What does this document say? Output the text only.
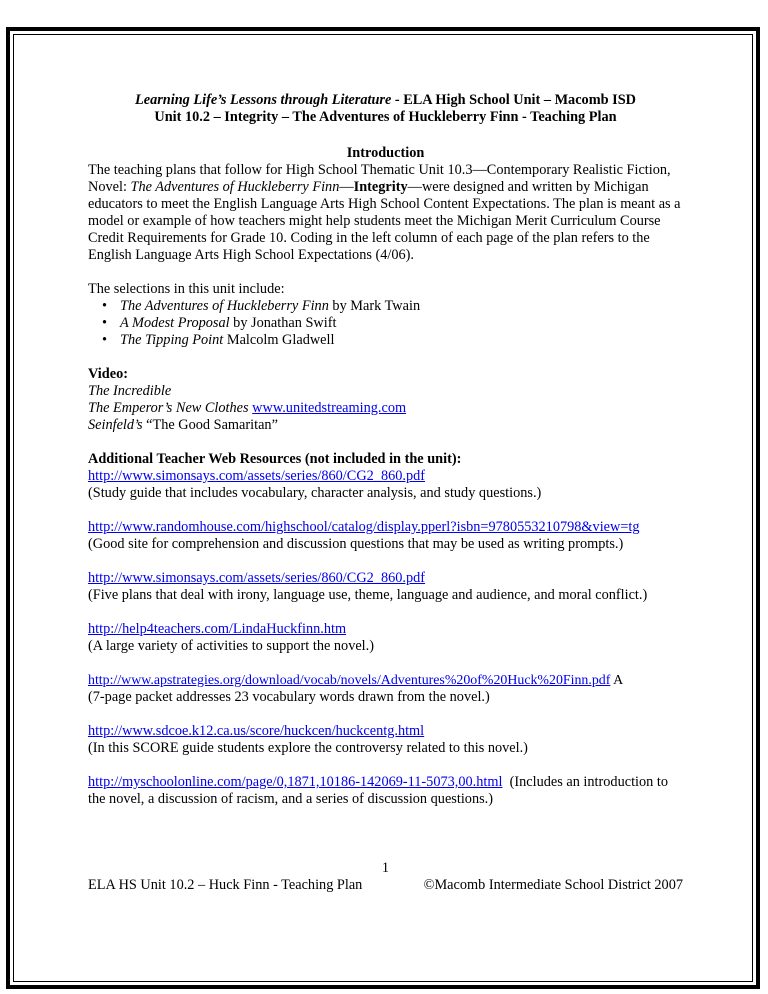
Learning Life’s Lessons through Literature - ELA High School Unit – Macomb ISD
Unit 10.2 – Integrity – The Adventures of Huckleberry Finn - Teaching Plan
Introduction

The teaching plans that follow for High School Thematic Unit 10.3—Contemporary Realistic Fiction, Novel: The Adventures of Huckleberry Finn—Integrity—were designed and written by Michigan educators to meet the English Language Arts High School Content Expectations. The plan is meant as a model or example of how teachers might help students meet the Michigan Merit Curriculum Course Credit Requirements for Grade 10. Coding in the left column of each page of the plan refers to the English Language Arts High School Expectations (4/06).

The selections in this unit include:

• The Adventures of Huckleberry Finn by Mark Twain
• A Modest Proposal by Jonathan Swift
• The Tipping Point Malcolm Gladwell

Video:

The Incredible

The Emperor’s New Clothes www.unitedstreaming.com

Seinfeld’s “The Good Samaritan”

Additional Teacher Web Resources (not included in the unit):

http://www.simonsays.com/assets/series/860/CG2_860.pdf
(Study guide that includes vocabulary, character analysis, and study questions.)
http://www.randomhouse.com/highschool/catalog/display.pperl?isbn=9780553210798&view=tg
(Good site for comprehension and discussion questions that may be used as writing prompts.)
http://www.simonsays.com/assets/series/860/CG2_860.pdf
(Five plans that deal with irony, language use, theme, language and audience, and moral conflict.)
http://help4teachers.com/LindaHuckfinn.htm
(A large variety of activities to support the novel.)
http://www.apstrategies.org/download/vocab/novels/Adventures%20of%20Huck%20Finn.pdf A
(7-page packet addresses 23 vocabulary words drawn from the novel.)
http://www.sdcoe.k12.ca.us/score/huckcen/huckcentg.html
(In this SCORE guide students explore the controversy related to this novel.)
http://myschoolonline.com/page/0,1871,10186-142069-11-5073,00.html  (Includes an introduction to the novel, a discussion of racism, and a series of discussion questions.)
1
ELA HS Unit 10.2 – Huck Finn - Teaching Plan	©Macomb Intermediate School District 2007
